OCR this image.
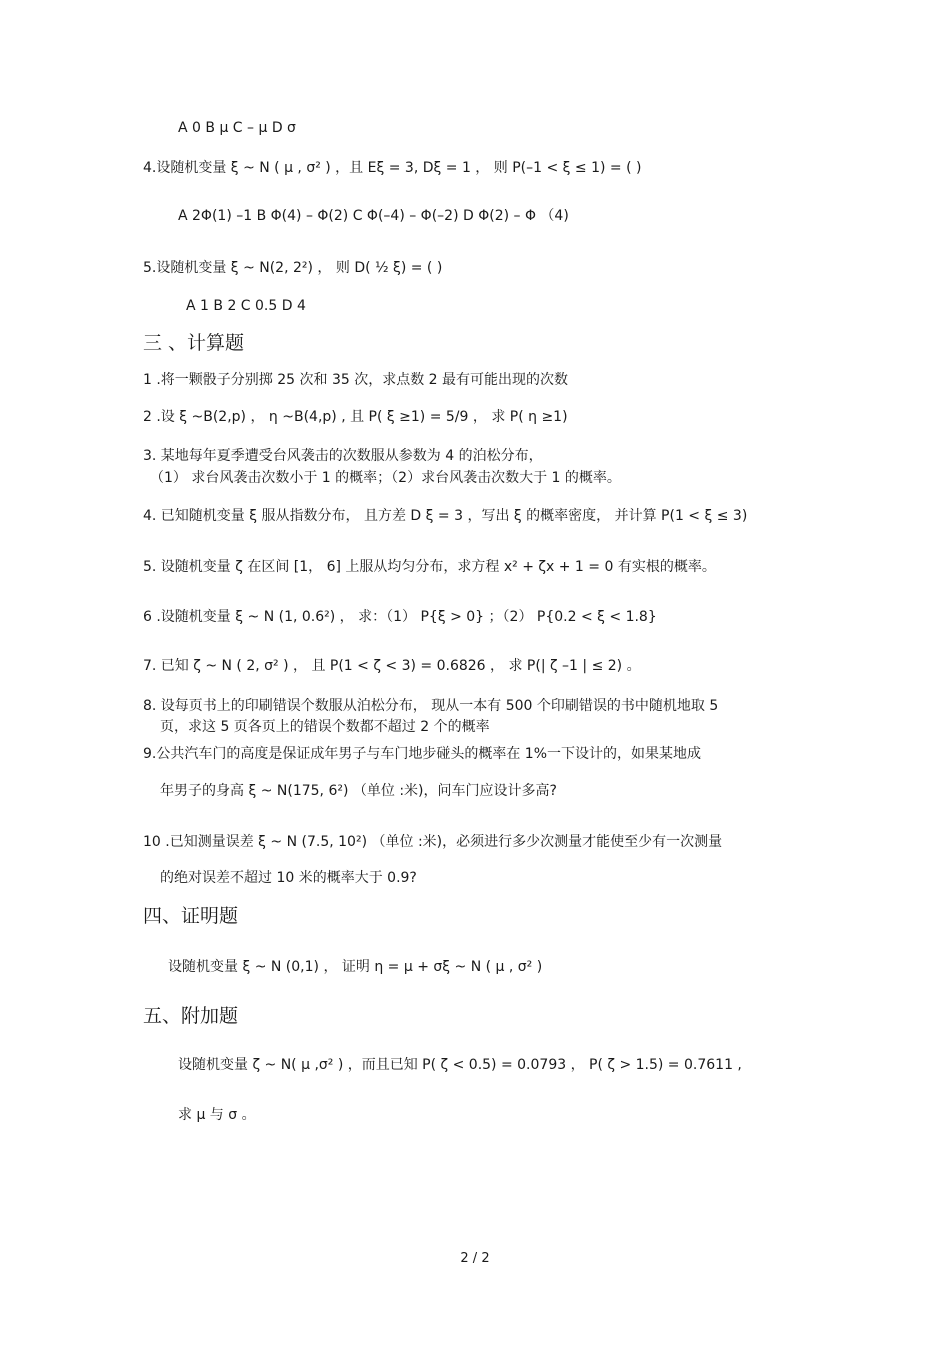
A 0 B μ C – μ D σ
4.设随机变量 ξ ~ N ( μ , σ² ) ，且 Eξ = 3, Dξ = 1 ， 则 P(–1 < ξ ≤ 1) = ( )
A 2Φ(1) –1 B Φ(4) – Φ(2) C Φ(–4) – Φ(–2) D Φ(2) – Φ （4)
5.设随机变量 ξ ~ N(2, 2²) ， 则 D( ½ ξ) = ( )
A 1 B 2 C 0.5 D 4
三 、计算题
1 .将一颗骰子分别掷 25 次和 35 次，求点数 2 最有可能出现的次数
2 .设 ξ ~B(2,p) ， η ~B(4,p) , 且 P( ξ ≥1) = 5/9 ， 求 P( η ≥1)
3. 某地每年夏季遭受台风袭击的次数服从参数为 4 的泊松分布，
（1） 求台风袭击次数小于 1 的概率；（2）求台风袭击次数大于 1 的概率。
4. 已知随机变量 ξ 服从指数分布， 且方差 D ξ = 3 ，写出 ξ 的概率密度， 并计算 P(1 < ξ ≤ 3)
5. 设随机变量 ζ 在区间 [1， 6] 上服从均匀分布，求方程 x² + ζx + 1 = 0 有实根的概率。
6 .设随机变量 ξ ~ N (1, 0.6²) ， 求：（1） P{ξ > 0} ；（2） P{0.2 < ξ < 1.8}
7. 已知 ζ ~ N ( 2, σ² ) ， 且 P(1 < ζ < 3) = 0.6826 ， 求 P(| ζ –1 | ≤ 2) 。
8. 设每页书上的印刷错误个数服从泊松分布， 现从一本有 500 个印刷错误的书中随机地取 5
页，求这 5 页各页上的错误个数都不超过 2 个的概率
9.公共汽车门的高度是保证成年男子与车门地步碰头的概率在 1%一下设计的，如果某地成
年男子的身高 ξ ~ N(175, 6²) （单位 :米)，问车门应设计多高?
10 .已知测量误差 ξ ~ N (7.5, 10²) （单位 :米)，必须进行多少次测量才能使至少有一次测量
的绝对误差不超过 10 米的概率大于 0.9?
四、证明题
设随机变量 ξ ~ N (0,1) ， 证明 η = μ + σξ ~ N ( μ , σ² )
五、附加题
设随机变量 ζ ~ N( μ ,σ² ) ，而且已知 P( ζ < 0.5) = 0.0793 ， P( ζ > 1.5) = 0.7611 ,
求 μ 与 σ 。
2 / 2
